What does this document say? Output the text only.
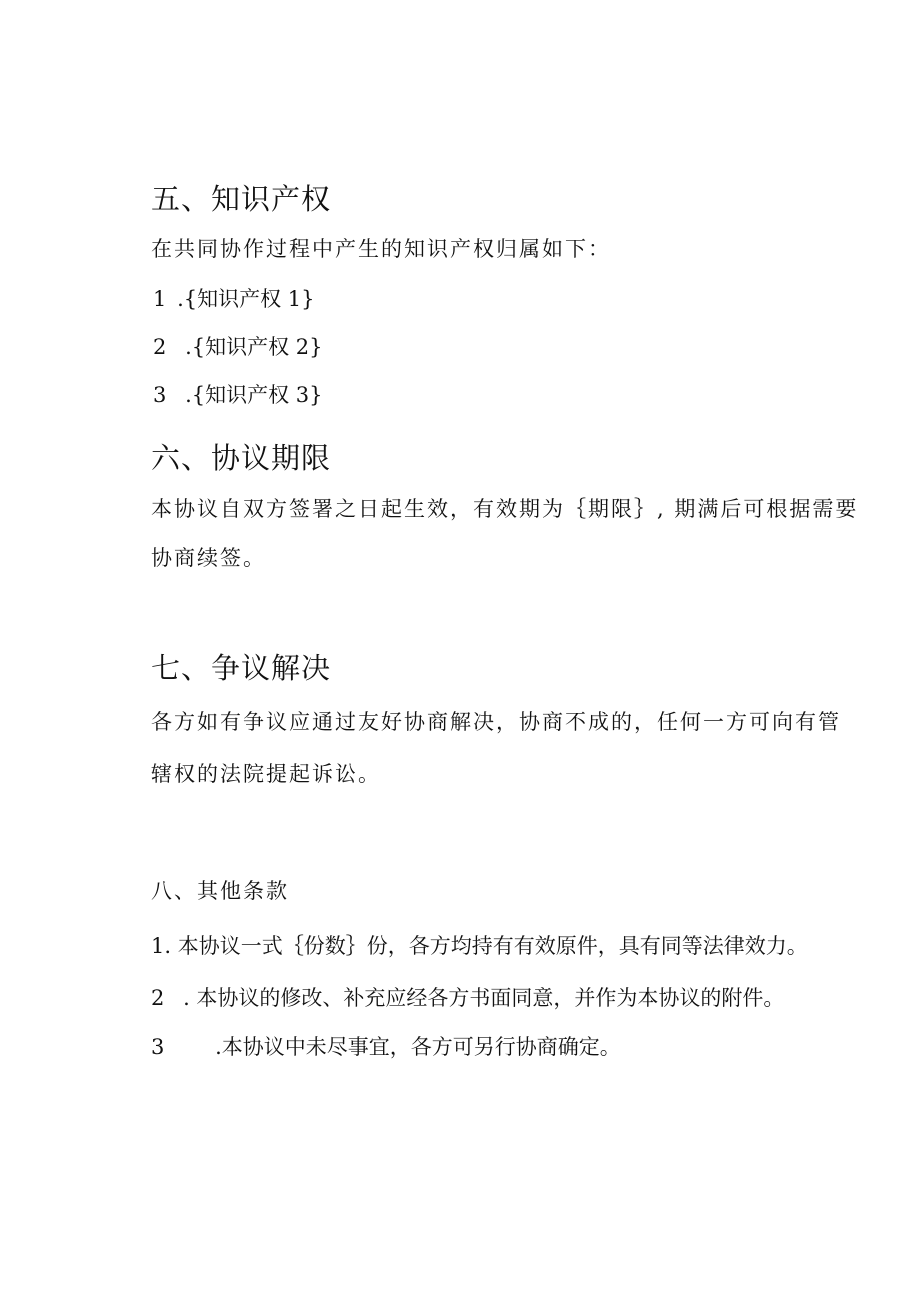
五、知识产权
在共同协作过程中产生的知识产权归属如下：
1 .{知识产权 1}
2 .{知识产权 2}
3 .{知识产权 3}
六、协议期限
本协议自双方签署之日起生效，有效期为｛期限｝, 期满后可根据需要
协商续签。
七、争议解决
各方如有争议应通过友好协商解决，协商不成的，任何一方可向有管
辖权的法院提起诉讼。
八、其他条款
1. 本协议一式｛份数｝份，各方均持有有效原件，具有同等法律效力。
2 . 本协议的修改、补充应经各方书面同意，并作为本协议的附件。
3 .本协议中未尽事宜，各方可另行协商确定。
